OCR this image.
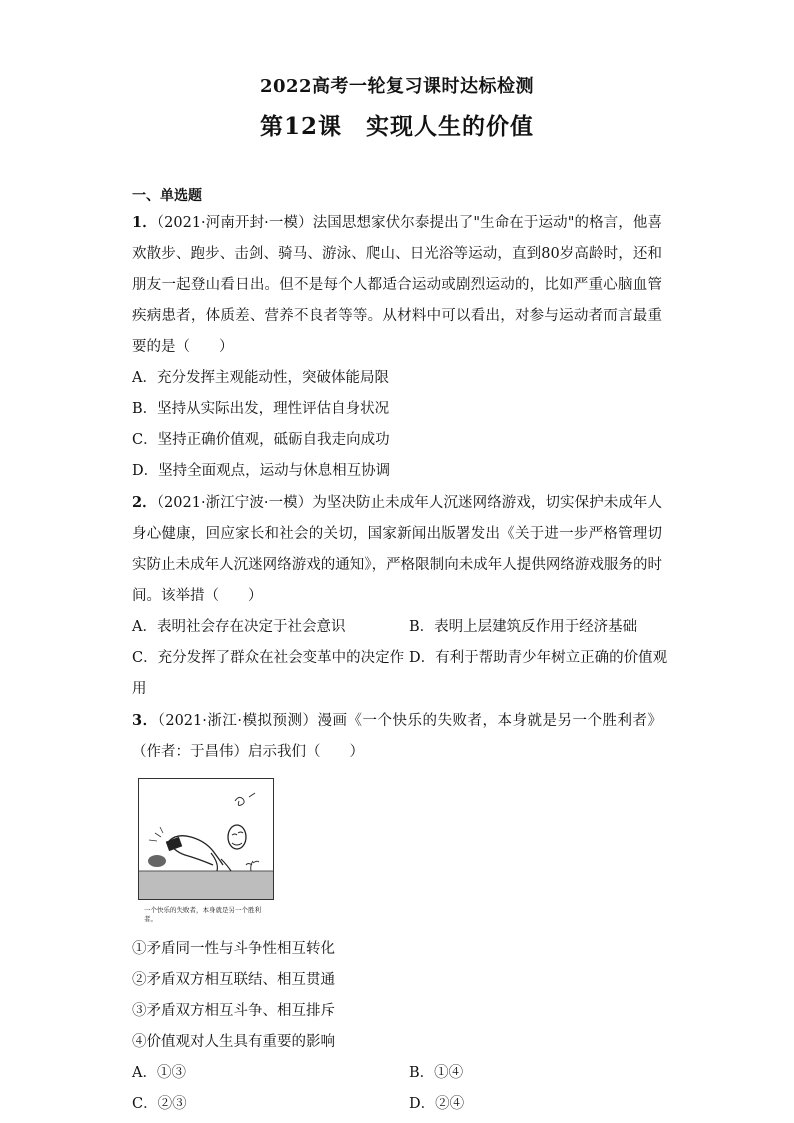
2022高考一轮复习课时达标检测
第12课　实现人生的价值

一、单选题

1．（2021·河南开封·一模）法国思想家伏尔泰提出了"生命在于运动"的格言，他喜欢散步、跑步、击剑、骑马、游泳、爬山、日光浴等运动，直到80岁高龄时，还和朋友一起登山看日出。但不是每个人都适合运动或剧烈运动的，比如严重心脑血管疾病患者，体质差、营养不良者等等。从材料中可以看出，对参与运动者而言最重要的是（　　）

A．充分发挥主观能动性，突破体能局限

B．坚持从实际出发，理性评估自身状况

C．坚持正确价值观，砥砺自我走向成功

D．坚持全面观点，运动与休息相互协调

2．（2021·浙江宁波·一模）为坚决防止未成年人沉迷网络游戏，切实保护未成年人身心健康，回应家长和社会的关切，国家新闻出版署发出《关于进一步严格管理切实防止未成年人沉迷网络游戏的通知》，严格限制向未成年人提供网络游戏服务的时间。该举措（　　）

A．表明社会存在决定于社会意识	B．表明上层建筑反作用于经济基础

C．充分发挥了群众在社会变革中的决定作用

D．有利于帮助青少年树立正确的价值观

3．（2021·浙江·模拟预测）漫画《一个快乐的失败者，本身就是另一个胜利者》（作者：于昌伟）启示我们（　　）

一个快乐的失败者，本身就是另一个胜利者。

①矛盾同一性与斗争性相互转化

②矛盾双方相互联结、相互贯通

③矛盾双方相互斗争、相互排斥

④价值观对人生具有重要的影响

A．①③	B．①④

C．②③	D．②④
